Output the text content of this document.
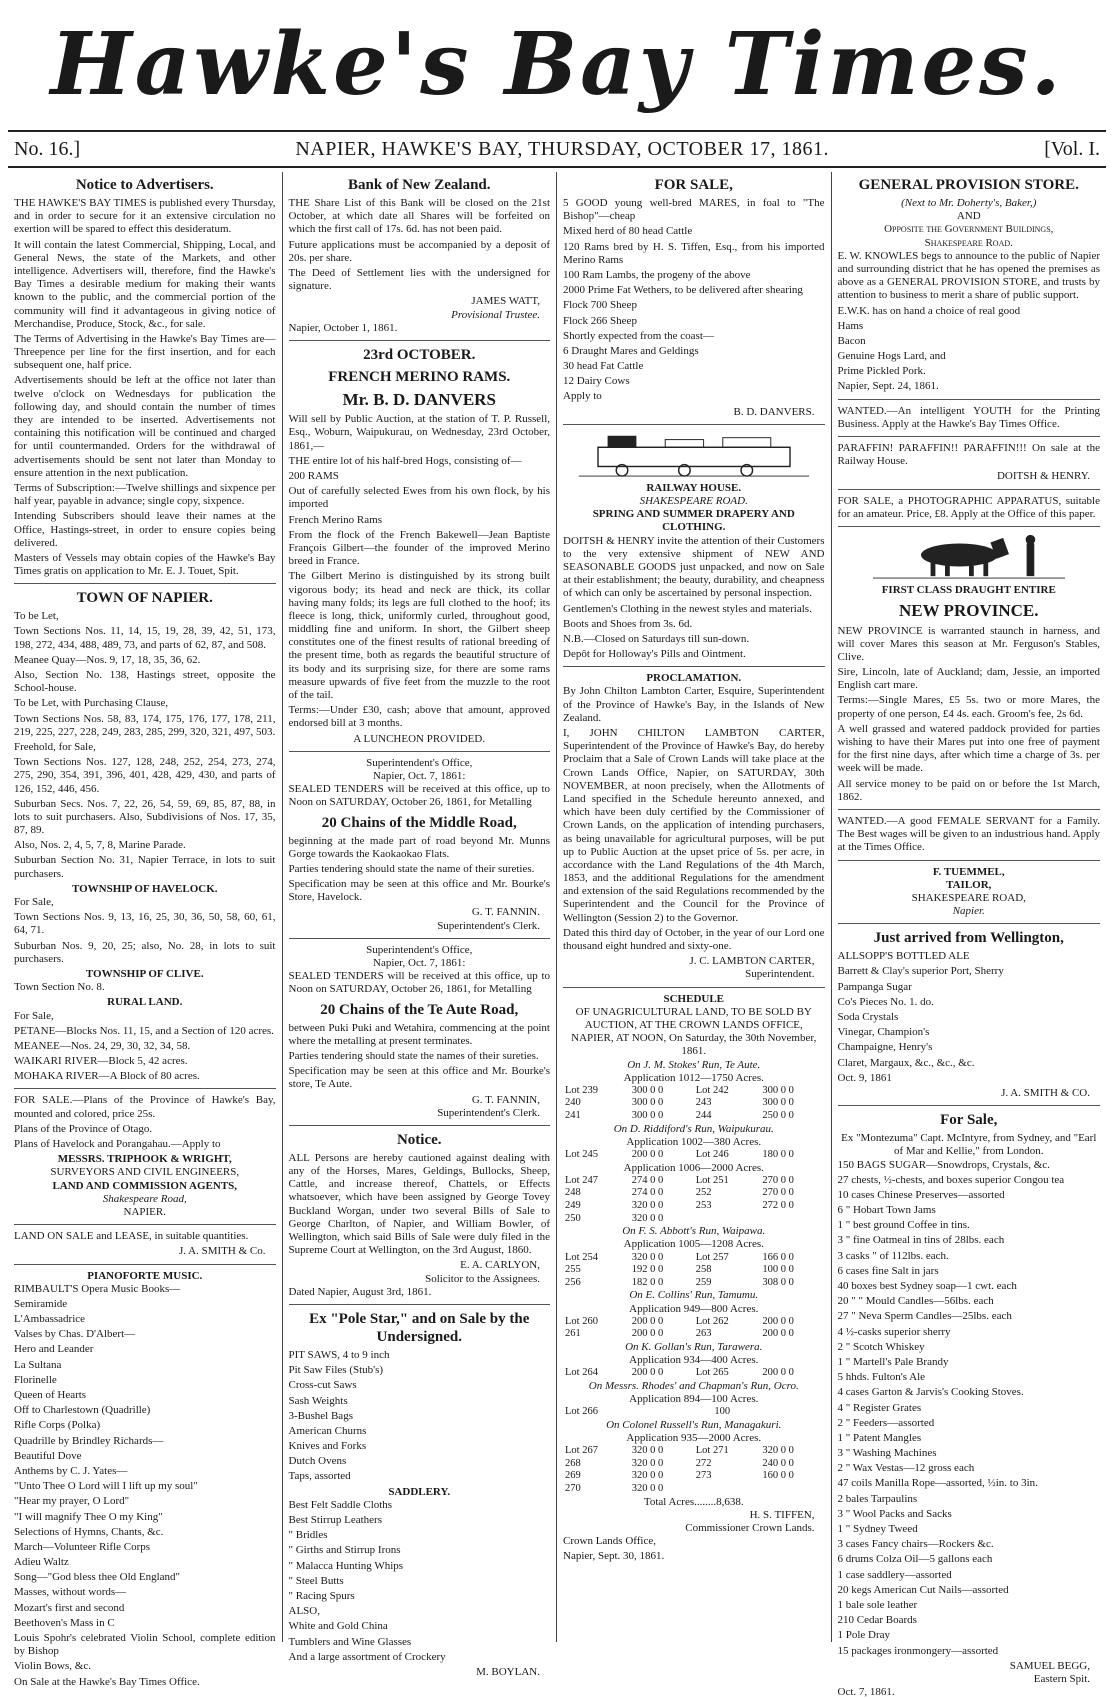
Hawke's Bay Times.
No. 16.]	NAPIER, HAWKE'S BAY, THURSDAY, OCTOBER 17, 1861.	[Vol. I.
Notice to Advertisers.

THE HAWKE'S BAY TIMES is published every Thursday, and in order to secure for it an extensive circulation no exertion will be spared to effect this desideratum.

It will contain the latest Commercial, Shipping, Local, and General News, the state of the Markets, and other intelligence. Advertisers will, therefore, find the Hawke's Bay Times a desirable medium for making their wants known to the public, and the commercial portion of the community will find it advantageous in giving notice of Merchandise, Produce, Stock, &c., for sale.

The Terms of Advertising in the Hawke's Bay Times are—Threepence per line for the first insertion, and for each subsequent one, half price.

Advertisements should be left at the office not later than twelve o'clock on Wednesdays for publication the following day, and should contain the number of times they are intended to be inserted. Advertisements not containing this notification will be continued and charged for until countermanded. Orders for the withdrawal of advertisements should be sent not later than Monday to ensure attention in the next publication.

Terms of Subscription:—Twelve shillings and sixpence per half year, payable in advance; single copy, sixpence.

Intending Subscribers should leave their names at the Office, Hastings-street, in order to ensure copies being delivered.

Masters of Vessels may obtain copies of the Hawke's Bay Times gratis on application to Mr. E. J. Touet, Spit.

TOWN OF NAPIER.

To be Let,

Town Sections Nos. 11, 14, 15, 19, 28, 39, 42, 51, 173, 198, 272, 434, 488, 489, 73, and parts of 62, 87, and 508.

Meanee Quay—Nos. 9, 17, 18, 35, 36, 62.

Also, Section No. 138, Hastings street, opposite the School-house.

To be Let, with Purchasing Clause,

Town Sections Nos. 58, 83, 174, 175, 176, 177, 178, 211, 219, 225, 227, 228, 249, 283, 285, 299, 320, 321, 497, 503.

Freehold, for Sale,

Town Sections Nos. 127, 128, 248, 252, 254, 273, 274, 275, 290, 354, 391, 396, 401, 428, 429, 430, and parts of 126, 152, 446, 456.

Suburban Secs. Nos. 7, 22, 26, 54, 59, 69, 85, 87, 88, in lots to suit purchasers. Also, Subdivisions of Nos. 17, 35, 87, 89.

Also, Nos. 2, 4, 5, 7, 8, Marine Parade.

Suburban Section No. 31, Napier Terrace, in lots to suit purchasers.

TOWNSHIP OF HAVELOCK.

For Sale,

Town Sections Nos. 9, 13, 16, 25, 30, 36, 50, 58, 60, 61, 64, 71.

Suburban Nos. 9, 20, 25; also, No. 28, in lots to suit purchasers.

TOWNSHIP OF CLIVE.

Town Section No. 8.

RURAL LAND.

For Sale,

PETANE—Blocks Nos. 11, 15, and a Section of 120 acres.

MEANEE—Nos. 24, 29, 30, 32, 34, 58.

WAIKARI RIVER—Block 5, 42 acres.

MOHAKA RIVER—A Block of 80 acres.

FOR SALE.—Plans of the Province of Hawke's Bay, mounted and colored, price 25s.

Plans of the Province of Otago.

Plans of Havelock and Porangahau.—Apply to

MESSRS. TRIPHOOK & WRIGHT,
SURVEYORS AND CIVIL ENGINEERS,
LAND AND COMMISSION AGENTS,
Shakespeare Road,
NAPIER.

LAND ON SALE and LEASE, in suitable quantities.

J. A. SMITH & Co.
PIANOFORTE MUSIC.

RIMBAULT'S Opera Music Books—

Semiramide

L'Ambassadrice

Valses by Chas. D'Albert—

Hero and Leander

La Sultana

Florinelle

Queen of Hearts

Off to Charlestown (Quadrille)

Rifle Corps (Polka)

Quadrille by Brindley Richards—

Beautiful Dove

Anthems by C. J. Yates—

"Unto Thee O Lord will I lift up my soul"

"Hear my prayer, O Lord"

"I will magnify Thee O my King"

Selections of Hymns, Chants, &c.

March—Volunteer Rifle Corps

Adieu Waltz

Song—"God bless thee Old England"

Masses, without words—

Mozart's first and second

Beethoven's Mass in C

Louis Spohr's celebrated Violin School, complete edition by Bishop

Violin Bows, &c.

On Sale at the Hawke's Bay Times Office.

Bank of New Zealand.

THE Share List of this Bank will be closed on the 21st October, at which date all Shares will be forfeited on which the first call of 17s. 6d. has not been paid.

Future applications must be accompanied by a deposit of 20s. per share.

The Deed of Settlement lies with the undersigned for signature.

JAMES WATT,
Provisional Trustee.

Napier, October 1, 1861.

23rd OCTOBER.
FRENCH MERINO RAMS.
Mr. B. D. DANVERS

Will sell by Public Auction, at the station of T. P. Russell, Esq., Woburn, Waipukurau, on Wednesday, 23rd October, 1861,—

THE entire lot of his half-bred Hogs, consisting of—

200 RAMS

Out of carefully selected Ewes from his own flock, by his imported

French Merino Rams

From the flock of the French Bakewell—Jean Baptiste François Gilbert—the founder of the improved Merino breed in France.

The Gilbert Merino is distinguished by its strong built vigorous body; its head and neck are thick, its collar having many folds; its legs are full clothed to the hoof; its fleece is long, thick, uniformly curled, throughout good, middling fine and uniform. In short, the Gilbert sheep constitutes one of the finest results of rational breeding of the present time, both as regards the beautiful structure of its body and its surprising size, for there are some rams measure upwards of five feet from the muzzle to the root of the tail.

Terms:—Under £30, cash; above that amount, approved endorsed bill at 3 months.

A LUNCHEON PROVIDED.
Superintendent's Office,
Napier, Oct. 7, 1861:

SEALED TENDERS will be received at this office, up to Noon on SATURDAY, October 26, 1861, for Metalling

20 Chains of the Middle Road,

beginning at the made part of road beyond Mr. Munns Gorge towards the Kaokaokao Flats.

Parties tendering should state the name of their sureties.

Specification may be seen at this office and Mr. Bourke's Store, Havelock.

G. T. FANNIN.
Superintendent's Clerk.
Superintendent's Office,
Napier, Oct. 7, 1861:

SEALED TENDERS will be received at this office, up to Noon on SATURDAY, October 26, 1861, for Metalling

20 Chains of the Te Aute Road,

between Puki Puki and Wetahira, commencing at the point where the metalling at present terminates.

Parties tendering should state the names of their sureties.

Specification may be seen at this office and Mr. Bourke's store, Te Aute.

G. T. FANNIN,
Superintendent's Clerk.
Notice.

ALL Persons are hereby cautioned against dealing with any of the Horses, Mares, Geldings, Bullocks, Sheep, Cattle, and increase thereof, Chattels, or Effects whatsoever, which have been assigned by George Tovey Buckland Worgan, under two several Bills of Sale to George Charlton, of Napier, and William Bowler, of Wellington, which said Bills of Sale were duly filed in the Supreme Court at Wellington, on the 3rd August, 1860.

E. A. CARLYON,
Solicitor to the Assignees.

Dated Napier, August 3rd, 1861.

Ex "Pole Star," and on Sale by the Undersigned.

PIT SAWS, 4 to 9 inch

Pit Saw Files (Stub's)

Cross-cut Saws

Sash Weights

3-Bushel Bags

American Churns

Knives and Forks

Dutch Ovens

Taps, assorted

SADDLERY.

Best Felt Saddle Cloths

Best Stirrup Leathers

" Bridles

" Girths and Stirrup Irons

" Malacca Hunting Whips

" Steel Butts

" Racing Spurs

ALSO,

White and Gold China

Tumblers and Wine Glasses

And a large assortment of Crockery

M. BOYLAN.
FOR SALE,

5 GOOD young well-bred MARES, in foal to "The Bishop"—cheap

Mixed herd of 80 head Cattle

120 Rams bred by H. S. Tiffen, Esq., from his imported Merino Rams

100 Ram Lambs, the progeny of the above

2000 Prime Fat Wethers, to be delivered after shearing

Flock 700 Sheep

Flock 266 Sheep

Shortly expected from the coast—

6 Draught Mares and Geldings

30 head Fat Cattle

12 Dairy Cows

Apply to

B. D. DANVERS.
RAILWAY HOUSE.
SHAKESPEARE ROAD.
SPRING AND SUMMER DRAPERY AND CLOTHING.

DOITSH & HENRY invite the attention of their Customers to the very extensive shipment of NEW AND SEASONABLE GOODS just unpacked, and now on Sale at their establishment; the beauty, durability, and cheapness of which can only be ascertained by personal inspection.

Gentlemen's Clothing in the newest styles and materials.

Boots and Shoes from 3s. 6d.

N.B.—Closed on Saturdays till sun-down.

Depôt for Holloway's Pills and Ointment.

PROCLAMATION.

By John Chilton Lambton Carter, Esquire, Superintendent of the Province of Hawke's Bay, in the Islands of New Zealand.

I, JOHN CHILTON LAMBTON CARTER, Superintendent of the Province of Hawke's Bay, do hereby Proclaim that a Sale of Crown Lands will take place at the Crown Lands Office, Napier, on SATURDAY, 30th NOVEMBER, at noon precisely, when the Allotments of Land specified in the Schedule hereunto annexed, and which have been duly certified by the Commissioner of Crown Lands, on the application of intending purchasers, as being unavailable for agricultural purposes, will be put up to Public Auction at the upset price of 5s. per acre, in accordance with the Land Regulations of the 4th March, 1853, and the additional Regulations for the amendment and extension of the said Regulations recommended by the Superintendent and the Council for the Province of Wellington (Session 2) to the Governor.

Dated this third day of October, in the year of our Lord one thousand eight hundred and sixty-one.

J. C. LAMBTON CARTER,
Superintendent.
SCHEDULE
OF UNAGRICULTURAL LAND, TO BE SOLD BY AUCTION, AT THE CROWN LANDS OFFICE, NAPIER, AT NOON, On Saturday, the 30th November, 1861.
On J. M. Stokes' Run, Te Aute.
Application 1012—1750 Acres.
Lot 239	300 0 0	Lot 242	300 0 0
240	300 0 0	243	300 0 0
241	300 0 0	244	250 0 0
On D. Riddiford's Run, Waipukurau.
Application 1002—380 Acres.
Lot 245	200 0 0	Lot 246	180 0 0
Application 1006—2000 Acres.
Lot 247	274 0 0	Lot 251	270 0 0
248	274 0 0	252	270 0 0
249	320 0 0	253	272 0 0
250	320 0 0		
On F. S. Abbott's Run, Waipawa.
Application 1005—1208 Acres.
Lot 254	320 0 0	Lot 257	166 0 0
255	192 0 0	258	100 0 0
256	182 0 0	259	308 0 0
On E. Collins' Run, Tamumu.
Application 949—800 Acres.
Lot 260	200 0 0	Lot 262	200 0 0
261	200 0 0	263	200 0 0
On K. Gollan's Run, Tarawera.
Application 934—400 Acres.
Lot 264	200 0 0	Lot 265	200 0 0
On Messrs. Rhodes' and Chapman's Run, Ocro.
Application 894—100 Acres.
Lot 266	100		
On Colonel Russell's Run, Managakuri.
Application 935—2000 Acres.
Lot 267	320 0 0	Lot 271	320 0 0
268	320 0 0	272	240 0 0
269	320 0 0	273	160 0 0
270	320 0 0		
Total Acres........8,638.
H. S. TIFFEN,
Commissioner Crown Lands.

Crown Lands Office,

Napier, Sept. 30, 1861.

GENERAL PROVISION STORE.
(Next to Mr. Doherty's, Baker,)
AND
Opposite the Government Buildings,
Shakespeare Road.

E. W. KNOWLES begs to announce to the public of Napier and surrounding district that he has opened the premises as above as a GENERAL PROVISION STORE, and trusts by attention to business to merit a share of public support.

E.W.K. has on hand a choice of real good

Hams

Bacon

Genuine Hogs Lard, and

Prime Pickled Pork.

Napier, Sept. 24, 1861.

WANTED.—An intelligent YOUTH for the Printing Business. Apply at the Hawke's Bay Times Office.

PARAFFIN! PARAFFIN!! PARAFFIN!!! On sale at the Railway House.

DOITSH & HENRY.

FOR SALE, a PHOTOGRAPHIC APPARATUS, suitable for an amateur. Price, £8. Apply at the Office of this paper.

FIRST CLASS DRAUGHT ENTIRE
NEW PROVINCE.

NEW PROVINCE is warranted staunch in harness, and will cover Mares this season at Mr. Ferguson's Stables, Clive.

Sire, Lincoln, late of Auckland; dam, Jessie, an imported English cart mare.

Terms:—Single Mares, £5 5s. two or more Mares, the property of one person, £4 4s. each. Groom's fee, 2s 6d.

A well grassed and watered paddock provided for parties wishing to have their Mares put into one free of payment for the first nine days, after which time a charge of 3s. per week will be made.

All service money to be paid on or before the 1st March, 1862.

WANTED.—A good FEMALE SERVANT for a Family. The Best wages will be given to an industrious hand. Apply at the Times Office.

F. TUEMMEL,
TAILOR,
SHAKESPEARE ROAD,
Napier.
Just arrived from Wellington,

ALLSOPP'S BOTTLED ALE

Barrett & Clay's superior Port, Sherry

Pampanga Sugar

Co's Pieces No. 1. do.

Soda Crystals

Vinegar, Champion's

Champaigne, Henry's

Claret, Margaux, &c., &c., &c.

Oct. 9, 1861

J. A. SMITH & CO.
For Sale,
Ex "Montezuma" Capt. McIntyre, from Sydney, and "Earl of Mar and Kellie," from London.

150 BAGS SUGAR—Snowdrops, Crystals, &c.

27 chests, ½-chests, and boxes superior Congou tea

10 cases Chinese Preserves—assorted

6 " Hobart Town Jams

1 " best ground Coffee in tins.

3 " fine Oatmeal in tins of 28lbs. each

3 casks " of 112lbs. each.

6 cases fine Salt in jars

40 boxes best Sydney soap—1 cwt. each

20 " " Mould Candles—56lbs. each

27 " Neva Sperm Candles—25lbs. each

4 ½-casks superior sherry

2 " Scotch Whiskey

1 " Martell's Pale Brandy

5 hhds. Fulton's Ale

4 cases Garton & Jarvis's Cooking Stoves.

4 " Register Grates

2 " Feeders—assorted

1 " Patent Mangles

3 " Washing Machines

2 " Wax Vestas—12 gross each

47 coils Manilla Rope—assorted, ½in. to 3in.

2 bales Tarpaulins

3 " Wool Packs and Sacks

1 " Sydney Tweed

3 cases Fancy chairs—Rockers &c.

6 drums Colza Oil—5 gallons each

1 case saddlery—assorted

20 kegs American Cut Nails—assorted

1 bale sole leather

210 Cedar Boards

1 Pole Dray

15 packages ironmongery—assorted

SAMUEL BEGG,
Eastern Spit.

Oct. 7, 1861.
